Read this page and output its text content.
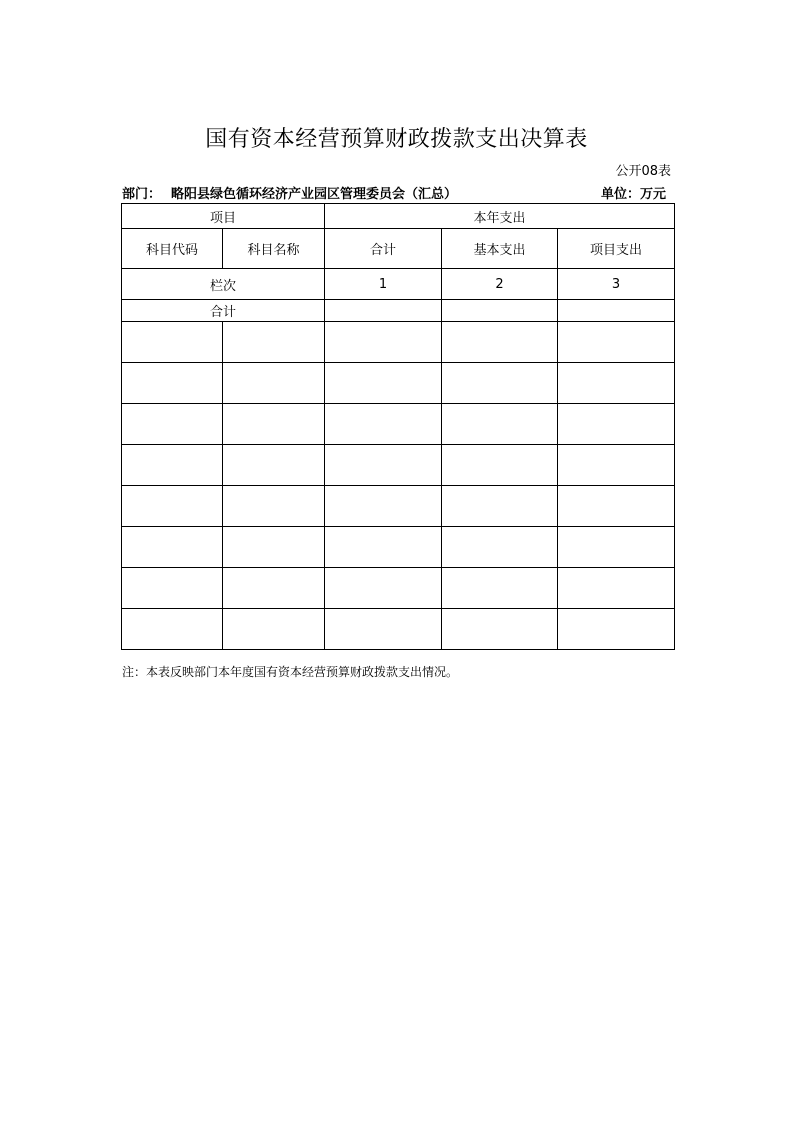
国有资本经营预算财政拨款支出决算表
公开08表
部门： 略阳县绿色循环经济产业园区管理委员会（汇总）	单位：万元
项目		本年支出		
科目代码	科目名称	合计	基本支出	项目支出
栏次		1	2	3
合计				

注：本表反映部门本年度国有资本经营预算财政拨款支出情况。
